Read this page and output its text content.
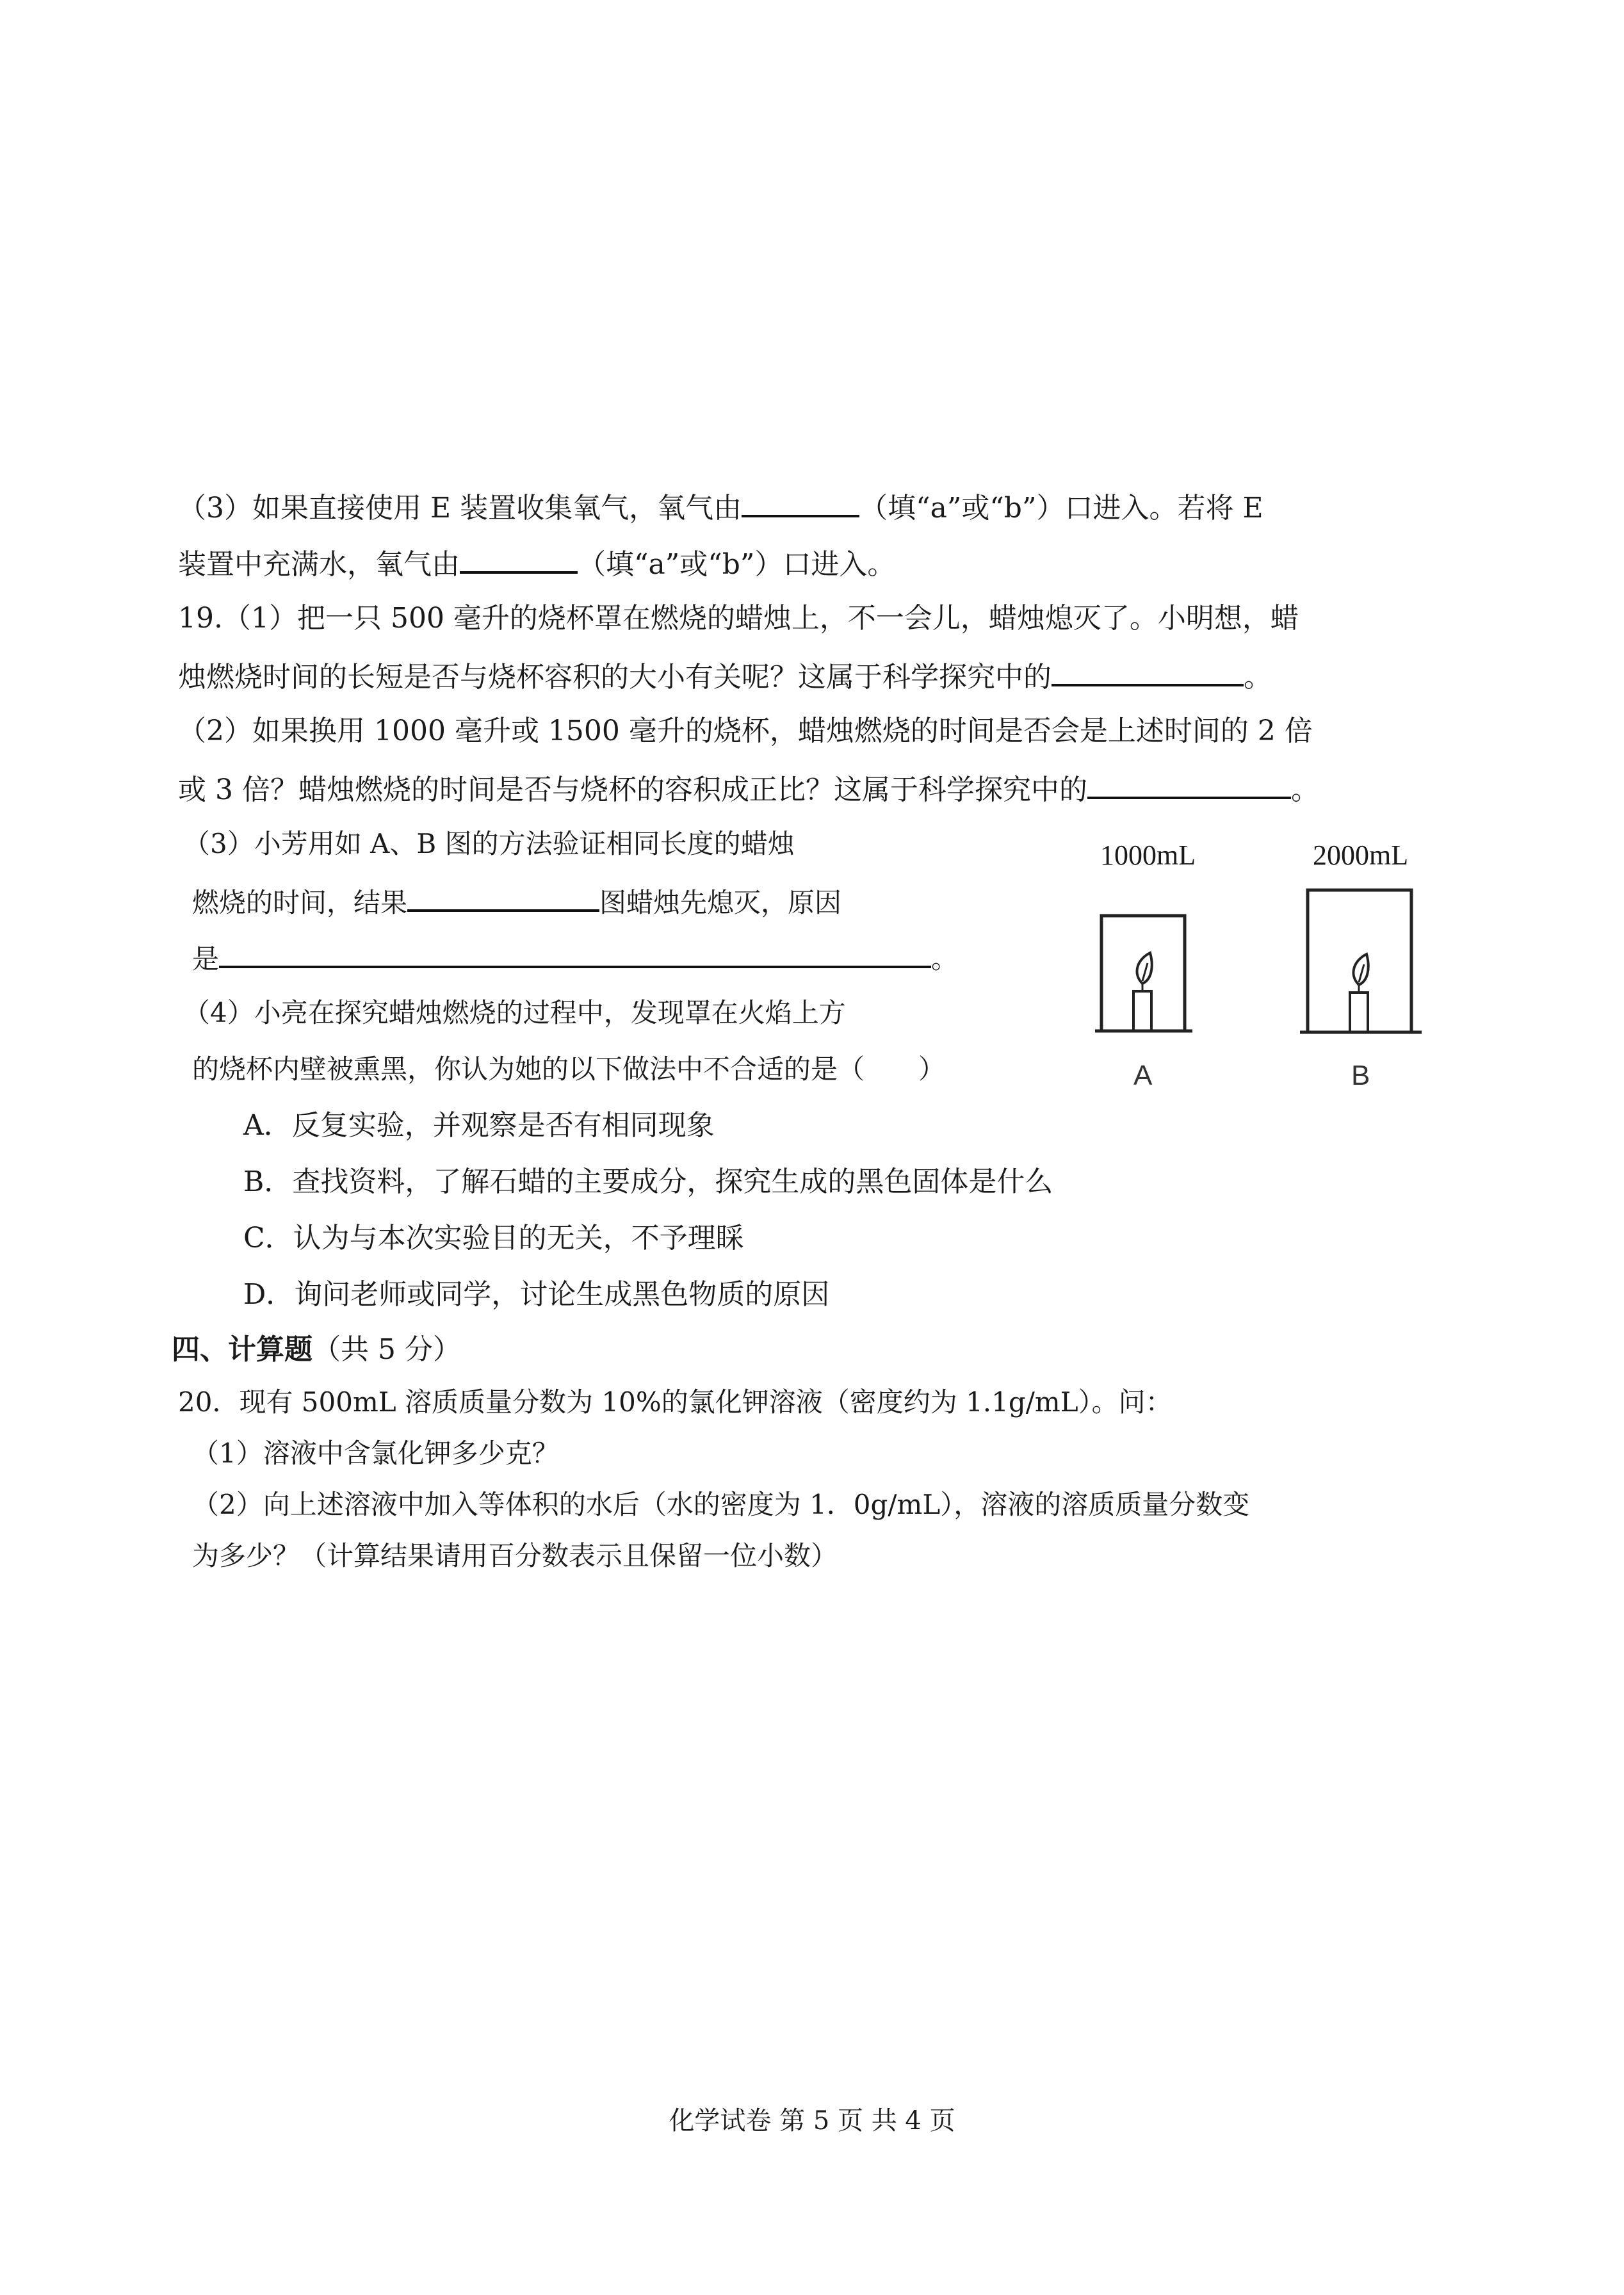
（3）如果直接使用 E 装置收集氧气，氧气由	（填“a”或“b”）口进入。若将 E
装置中充满水，氧气由	（填“a”或“b”）口进入。
19.（1）把一只 500 毫升的烧杯罩在燃烧的蜡烛上，不一会儿，蜡烛熄灭了。小明想，蜡
烛燃烧时间的长短是否与烧杯容积的大小有关呢？这属于科学探究中的	。
（2）如果换用 1000 毫升或 1500 毫升的烧杯，蜡烛燃烧的时间是否会是上述时间的 2 倍
或 3 倍？蜡烛燃烧的时间是否与烧杯的容积成正比？这属于科学探究中的	。
（3）小芳用如 A、B 图的方法验证相同长度的蜡烛
燃烧的时间，结果	图蜡烛先熄灭，原因
是	。
（4）小亮在探究蜡烛燃烧的过程中，发现罩在火焰上方
的烧杯内壁被熏黑，你认为她的以下做法中不合适的是（　　）
A．反复实验，并观察是否有相同现象
B．查找资料，了解石蜡的主要成分，探究生成的黑色固体是什么
C．认为与本次实验目的无关，不予理睬
D．询问老师或同学，讨论生成黑色物质的原因
1000mL	2000mL
A	B
四、计算题（共 5 分）
20．现有 500mL 溶质质量分数为 10%的氯化钾溶液（密度约为 1.1g/mL）。问：
（1）溶液中含氯化钾多少克？
（2）向上述溶液中加入等体积的水后（水的密度为 1．0g/mL），溶液的溶质质量分数变
为多少？（计算结果请用百分数表示且保留一位小数）
化学试卷 第 5 页 共 4 页
